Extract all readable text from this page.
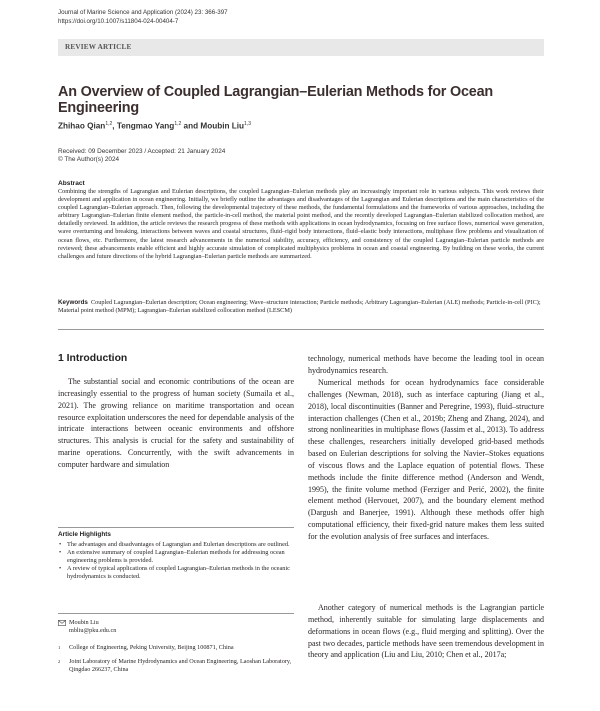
Journal of Marine Science and Application (2024) 23: 366-397
https://doi.org/10.1007/s11804-024-00404-7
REVIEW ARTICLE
An Overview of Coupled Lagrangian–Eulerian Methods for Ocean Engineering
Zhihao Qian$^{1,2}$, Tengmao Yang$^{1,2}$ and Moubin Liu$^{1,3}$
Received: 09 December 2023 / Accepted: 21 January 2024
© The Author(s) 2024
Abstract
Combining the strengths of Lagrangian and Eulerian descriptions, the coupled Lagrangian–Eulerian methods play an increasingly important role in various subjects. This work reviews their development and application in ocean engineering. Initially, we briefly outline the advantages and disadvantages of the Lagrangian and Eulerian descriptions and the main characteristics of the coupled Lagrangian–Eulerian approach. Then, following the developmental trajectory of these methods, the fundamental formulations and the frameworks of various approaches, including the arbitrary Lagrangian–Eulerian finite element method, the particle-in-cell method, the material point method, and the recently developed Lagrangian–Eulerian stabilized collocation method, are detailedly reviewed. In addition, the article reviews the research progress of these methods with applications in ocean hydrodynamics, focusing on free surface flows, numerical wave generation, wave overturning and breaking, interactions between waves and coastal structures, fluid–rigid body interactions, fluid–elastic body interactions, multiphase flow problems and visualization of ocean flows, etc. Furthermore, the latest research advancements in the numerical stability, accuracy, efficiency, and consistency of the coupled Lagrangian–Eulerian particle methods are reviewed; these advancements enable efficient and highly accurate simulation of complicated multiphysics problems in ocean and coastal engineering. By building on these works, the current challenges and future directions of the hybrid Lagrangian–Eulerian particle methods are summarized.
Keywords Coupled Lagrangian–Eulerian description; Ocean engineering; Wave–structure interaction; Particle methods; Arbitrary Lagrangian–Eulerian (ALE) methods; Particle-in-cell (PIC); Material point method (MPM); Lagrangian–Eulerian stabilized collocation method (LESCM)
1 Introduction
The substantial social and economic contributions of the ocean are increasingly essential to the progress of human society (Sumaila et al., 2021). The growing reliance on maritime transportation and ocean resource exploitation underscores the need for dependable analysis of the intricate interactions between oceanic environments and offshore structures. This analysis is crucial for the safety and sustainability of marine operations. Concurrently, with the swift advancements in computer hardware and simulation
Article Highlights
• The advantages and disadvantages of Lagrangian and Eulerian descriptions are outlined.
• An extensive summary of coupled Lagrangian–Eulerian methods for addressing ocean engineering problems is provided.
• A review of typical applications of coupled Lagrangian–Eulerian methods in the oceanic hydrodynamics is conducted.
Moubin Liu
mbliu@pku.edu.cn
1	College of Engineering, Peking University, Beijing 100871, China
2	Joint Laboratory of Marine Hydrodynamics and Ocean Engineering, Laoshan Laboratory, Qingdao 266237, China
technology, numerical methods have become the leading tool in ocean hydrodynamics research.
Numerical methods for ocean hydrodynamics face considerable challenges (Newman, 2018), such as interface capturing (Jiang et al., 2018), local discontinuities (Banner and Peregrine, 1993), fluid–structure interaction challenges (Chen et al., 2019b; Zheng and Zhang, 2024), and strong nonlinearities in multiphase flows (Jassim et al., 2013). To address these challenges, researchers initially developed grid-based methods based on Eulerian descriptions for solving the Navier–Stokes equations of viscous flows and the Laplace equation of potential flows. These methods include the finite difference method (Anderson and Wendt, 1995), the finite volume method (Ferziger and Perić, 2002), the finite element method (Hervouet, 2007), and the boundary element method (Dargush and Banerjee, 1991). Although these methods offer high computational efficiency, their fixed-grid nature makes them less suited for the evolution analysis of free surfaces and interfaces.
Another category of numerical methods is the Lagrangian particle method, inherently suitable for simulating large displacements and deformations in ocean flows (e.g., fluid merging and splitting). Over the past two decades, particle methods have seen tremendous development in theory and application (Liu and Liu, 2010; Chen et al., 2017a;
